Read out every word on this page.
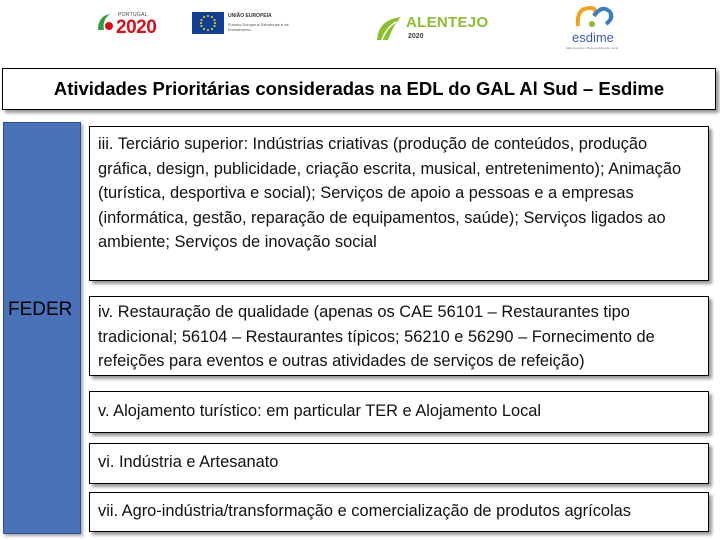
PORTUGAL
2020
UNIÃO EUROPEIA
Fundos Europeus Estruturais e de Investimento	ALENTEJO
2020	esdime
Agência para o Desenvolvimento Local
Atividades Prioritárias consideradas na EDL do GAL Al Sud – Esdime
FEDER
iii. Terciário superior: Indústrias criativas (produção de conteúdos, produção gráfica, design, publicidade, criação escrita, musical, entretenimento); Animação (turística, desportiva e social); Serviços de apoio a pessoas e a empresas (informática, gestão, reparação de equipamentos, saúde); Serviços ligados ao ambiente; Serviços de inovação social
iv. Restauração de qualidade (apenas os CAE 56101 – Restaurantes tipo tradicional; 56104 – Restaurantes típicos; 56210 e 56290 – Fornecimento de refeições para eventos e outras atividades de serviços de refeição)
v. Alojamento turístico: em particular TER e Alojamento Local
vi. Indústria e Artesanato
vii. Agro-indústria/transformação e comercialização de produtos agrícolas
